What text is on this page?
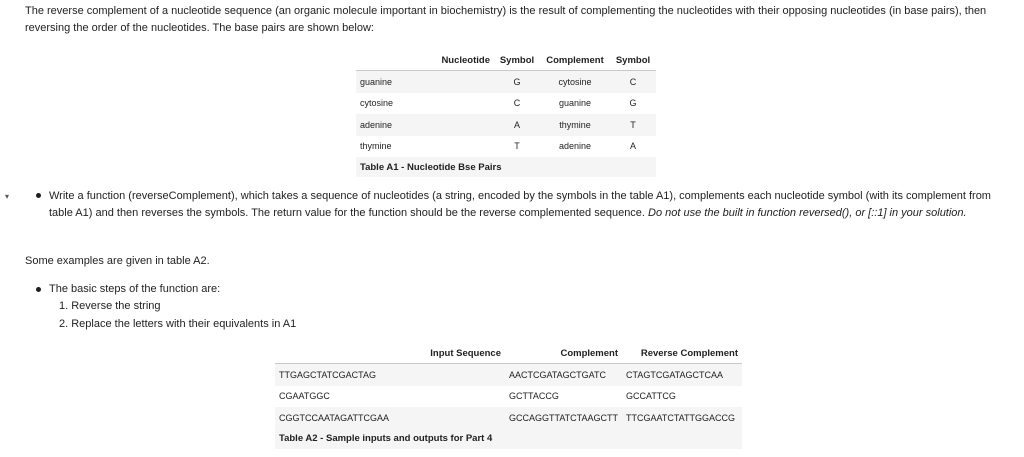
The reverse complement of a nucleotide sequence (an organic molecule important in biochemistry) is the result of complementing the nucleotides with their opposing nucleotides (in base pairs), then reversing the order of the nucleotides. The base pairs are shown below:
Nucleotide	Symbol	Complement	Symbol
guanine	G	cytosine	C
cytosine	C	guanine	G
adenine	A	thymine	T
thymine	T	adenine	A
Table A1 - Nucleotide Bse Pairs			
▾	Write a function (reverseComplement), which takes a sequence of nucleotides (a string, encoded by the symbols in the table A1), complements each nucleotide symbol (with its complement from table A1) and then reverses the symbols. The return value for the function should be the reverse complemented sequence. Do not use the built in function reversed(), or [::1] in your solution.
Some examples are given in table A2.
The basic steps of the function are:
1. Reverse the string
2. Replace the letters with their equivalents in A1
Input Sequence	Complement	Reverse Complement
TTGAGCTATCGACTAG	AACTCGATAGCTGATC	CTAGTCGATAGCTCAA
CGAATGGC	GCTTACCG	GCCATTCG
CGGTCCAATAGATTCGAA	GCCAGGTTATCTAAGCTT	TTCGAATCTATTGGACCG
Table A2 - Sample inputs and outputs for Part 4		
